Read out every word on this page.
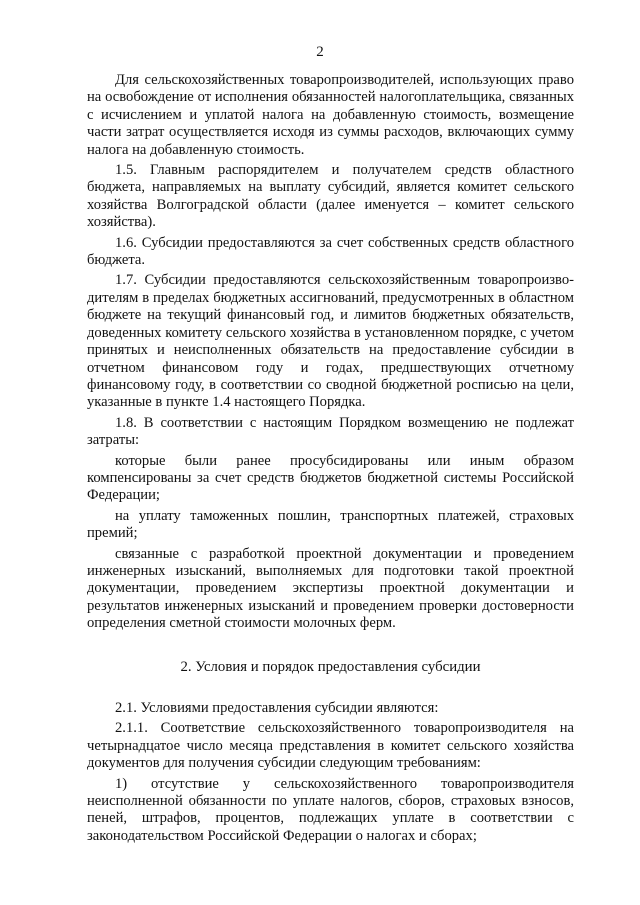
2

Для сельскохозяйственных товаропроизводителей, использующих право на освобождение от исполнения обязанностей налогоплательщика, связанных с исчислением и уплатой налога на добавленную стоимость, возмещение части затрат осуществляется исходя из суммы расходов, включающих сумму налога на добавленную стоимость.

1.5. Главным распорядителем и получателем средств областного бюджета, направляемых на выплату субсидий, является комитет сельского хозяйства Волгоградской области (далее именуется – комитет сельского хозяйства).

1.6. Субсидии предоставляются за счет собственных средств областного бюджета.

1.7. Субсидии предоставляются сельскохозяйственным товаропроизво-дителям в пределах бюджетных ассигнований, предусмотренных в областном бюджете на текущий финансовый год, и лимитов бюджетных обязательств, доведенных комитету сельского хозяйства в установленном порядке, с учетом принятых и неисполненных обязательств на предоставление субсидии в отчетном финансовом году и годах, предшествующих отчетному финансовому году, в соответствии со сводной бюджетной росписью на цели, указанные в пункте 1.4 настоящего Порядка.

1.8. В соответствии с настоящим Порядком возмещению не подлежат затраты:

которые были ранее просубсидированы или иным образом компенсированы за счет средств бюджетов бюджетной системы Российской Федерации;

на уплату таможенных пошлин, транспортных платежей, страховых премий;

связанные с разработкой проектной документации и проведением инженерных изысканий, выполняемых для подготовки такой проектной документации, проведением экспертизы проектной документации и результатов инженерных изысканий и проведением проверки достоверности определения сметной стоимости молочных ферм.

2. Условия и порядок предоставления субсидии

2.1. Условиями предоставления субсидии являются:

2.1.1. Соответствие сельскохозяйственного товаропроизводителя на четырнадцатое число месяца представления в комитет сельского хозяйства документов для получения субсидии следующим требованиям:

1) отсутствие у сельскохозяйственного товаропроизводителя неисполненной обязанности по уплате налогов, сборов, страховых взносов, пеней, штрафов, процентов, подлежащих уплате в соответствии с законодательством Российской Федерации о налогах и сборах;
